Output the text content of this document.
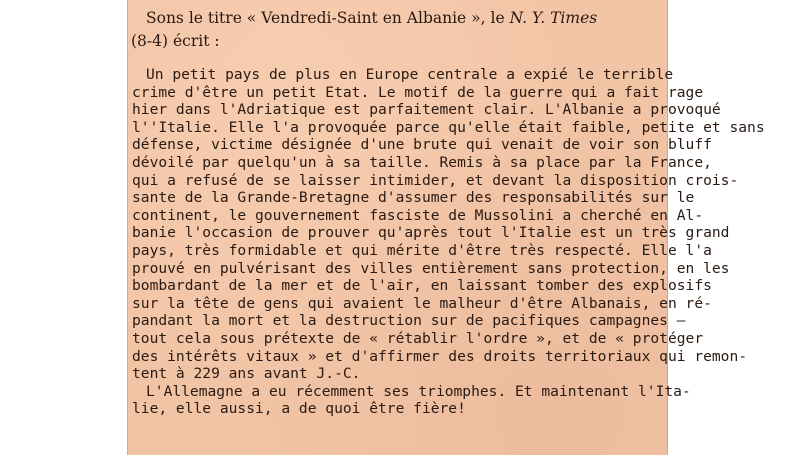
Sons le titre « Vendredi-Saint en Albanie », le N. Y. Times
(8-4) écrit :
Un petit pays de plus en Europe centrale a expié le terrible
crime d'être un petit Etat. Le motif de la guerre qui a fait rage
hier dans l'Adriatique est parfaitement clair. L'Albanie a provoqué
l''Italie. Elle l'a provoquée parce qu'elle était faible, petite et sans
défense, victime désignée d'une brute qui venait de voir son bluff
dévoilé par quelqu'un à sa taille. Remis à sa place par la France,
qui a refusé de se laisser intimider, et devant la disposition crois-
sante de la Grande-Bretagne d'assumer des responsabilités sur le
continent, le gouvernement fasciste de Mussolini a cherché en Al-
banie l'occasion de prouver qu'après tout l'Italie est un très grand
pays, très formidable et qui mérite d'être très respecté. Elle l'a
prouvé en pulvérisant des villes entièrement sans protection, en les
bombardant de la mer et de l'air, en laissant tomber des explosifs
sur la tête de gens qui avaient le malheur d'être Albanais, en ré-
pandant la mort et la destruction sur de pacifiques campagnes —
tout cela sous prétexte de « rétablir l'ordre », et de « protéger
des intérêts vitaux » et d'affirmer des droits territoriaux qui remon-
tent à 229 ans avant J.-C.
L'Allemagne a eu récemment ses triomphes. Et maintenant l'Ita-
lie, elle aussi, a de quoi être fière!
